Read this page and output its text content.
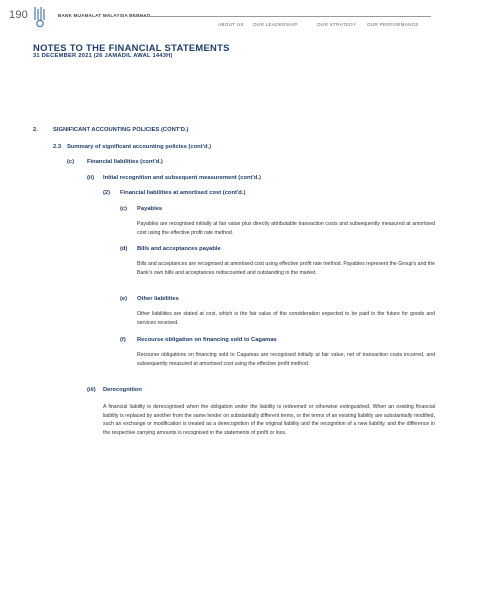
190	BANK MUAMALAT MALAYSIA BERHAD
ABOUT US OUR LEADERSHIP	OUR STRATEGY OUR PERFORMANCE
NOTES TO THE FINANCIAL STATEMENTS
31 DECEMBER 2021 (26 JAMADIL AWAL 1443H)
2.	SIGNIFICANT ACCOUNTING POLICIES (CONT'D.)
2.3 Summary of significant accounting policies (cont'd.)
(c) Financial liabilities (cont'd.)
(ii) Initial recognition and subsequent measurement (cont'd.)
(2) Financial liabilities at amortised cost (cont'd.)
(c) Payables
Payables are recognised initially at fair value plus directly attributable transaction costs and subsequently measured at amortised cost using the effective profit rate method.
(d) Bills and acceptances payable
Bills and acceptances are recognised at amortised cost using effective profit rate method. Payables represent the Group's and the Bank's own bills and acceptances rediscounted and outstanding in the market.
(e) Other liabilities
Other liabilities are stated at cost, which is the fair value of the consideration expected to be paid in the future for goods and services received.
(f) Recourse obligation on financing sold to Cagamas
Recourse obligations on financing sold to Cagamas are recognised initially at fair value, net of transaction costs incurred, and subsequently measured at amortised cost using the effective profit method.
(iii) Derecognition
A financial liability is derecognised when the obligation under the liability is redeemed or otherwise extinguished. When an existing financial liability is replaced by another from the same lender on substantially different terms, or the terms of an existing liability are substantially modified, such an exchange or modification is treated as a derecognition of the original liability and the recognition of a new liability, and the difference in the respective carrying amounts is recognised in the statements of profit or loss.
